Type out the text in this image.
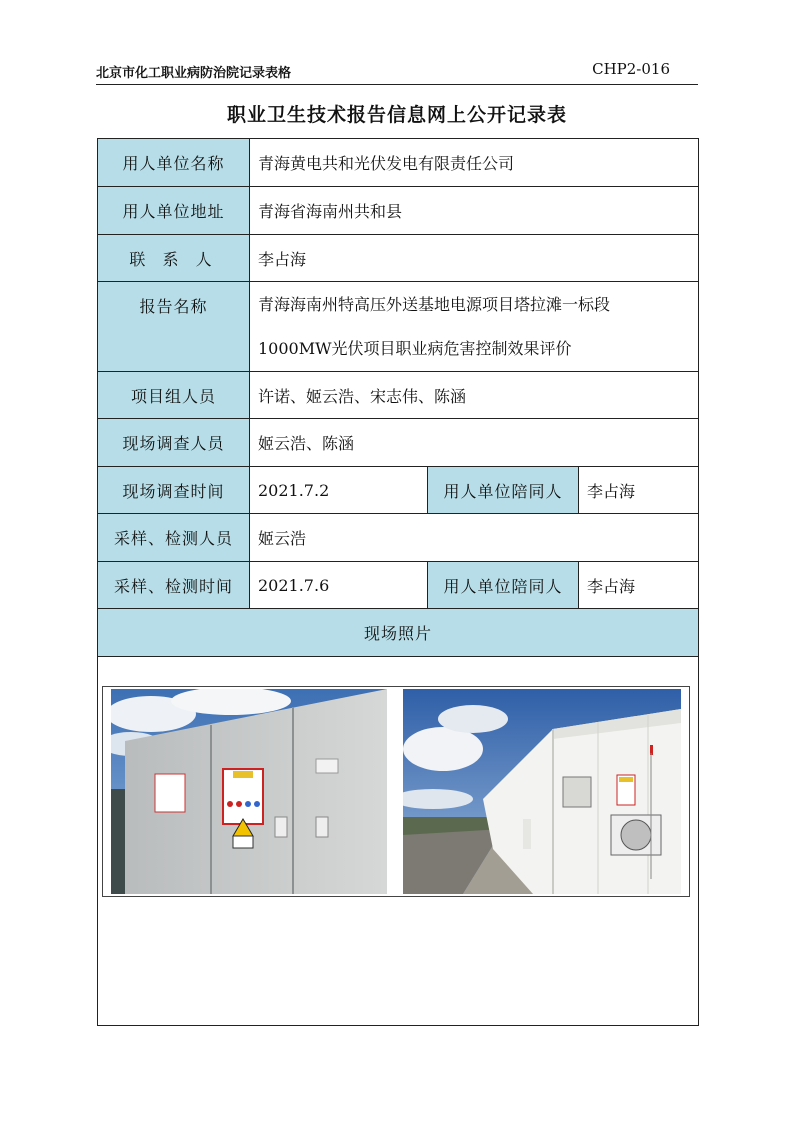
北京市化工职业病防治院记录表格	CHP2-016
职业卫生技术报告信息网上公开记录表
用人单位名称	青海黄电共和光伏发电有限责任公司		
用人单位地址	青海省海南州共和县		
联 系 人	李占海		
报告名称	青海海南州特高压外送基地电源项目塔拉滩一标段
1000MW光伏项目职业病危害控制效果评价		

项目组人员	许诺、姬云浩、宋志伟、陈涵		
现场调查人员	姬云浩、陈涵		
现场调查时间	2021.7.2	用人单位陪同人	李占海
采样、检测人员	姬云浩		
采样、检测时间	2021.7.6	用人单位陪同人	李占海
现场照片			
